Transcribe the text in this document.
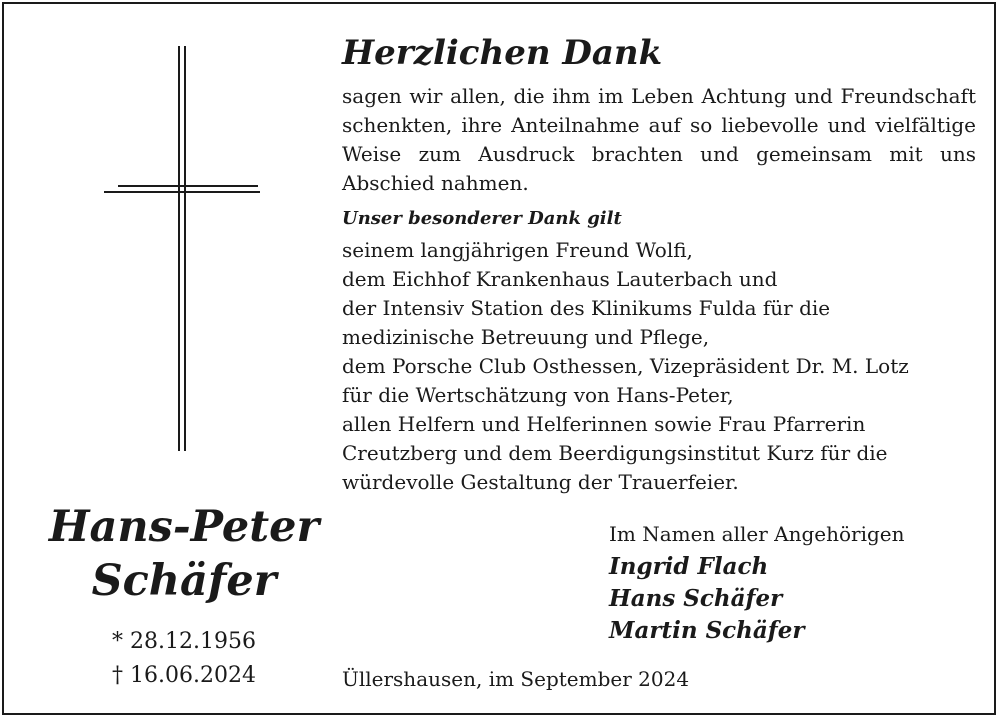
Hans-Peter
Schäfer
* 28.12.1956
† 16.06.2024
Herzlichen Dank

sagen wir allen, die ihm im Leben Achtung und Freundschaft schenkten, ihre Anteilnahme auf so liebevolle und vielfältige Weise zum Ausdruck brachten und gemeinsam mit uns Abschied nahmen.

Unser besonderer Dank gilt
seinem langjährigen Freund Wolfi,
dem Eichhof Krankenhaus Lauterbach und
der Intensiv Station des Klinikums Fulda für die
medizinische Betreuung und Pflege,
dem Porsche Club Osthessen, Vizepräsident Dr. M. Lotz
für die Wertschätzung von Hans-Peter,
allen Helfern und Helferinnen sowie Frau Pfarrerin
Creutzberg und dem Beerdigungsinstitut Kurz für die
würdevolle Gestaltung der Trauerfeier.
Im Namen aller Angehörigen
Ingrid Flach
Hans Schäfer
Martin Schäfer
Üllershausen, im September 2024
